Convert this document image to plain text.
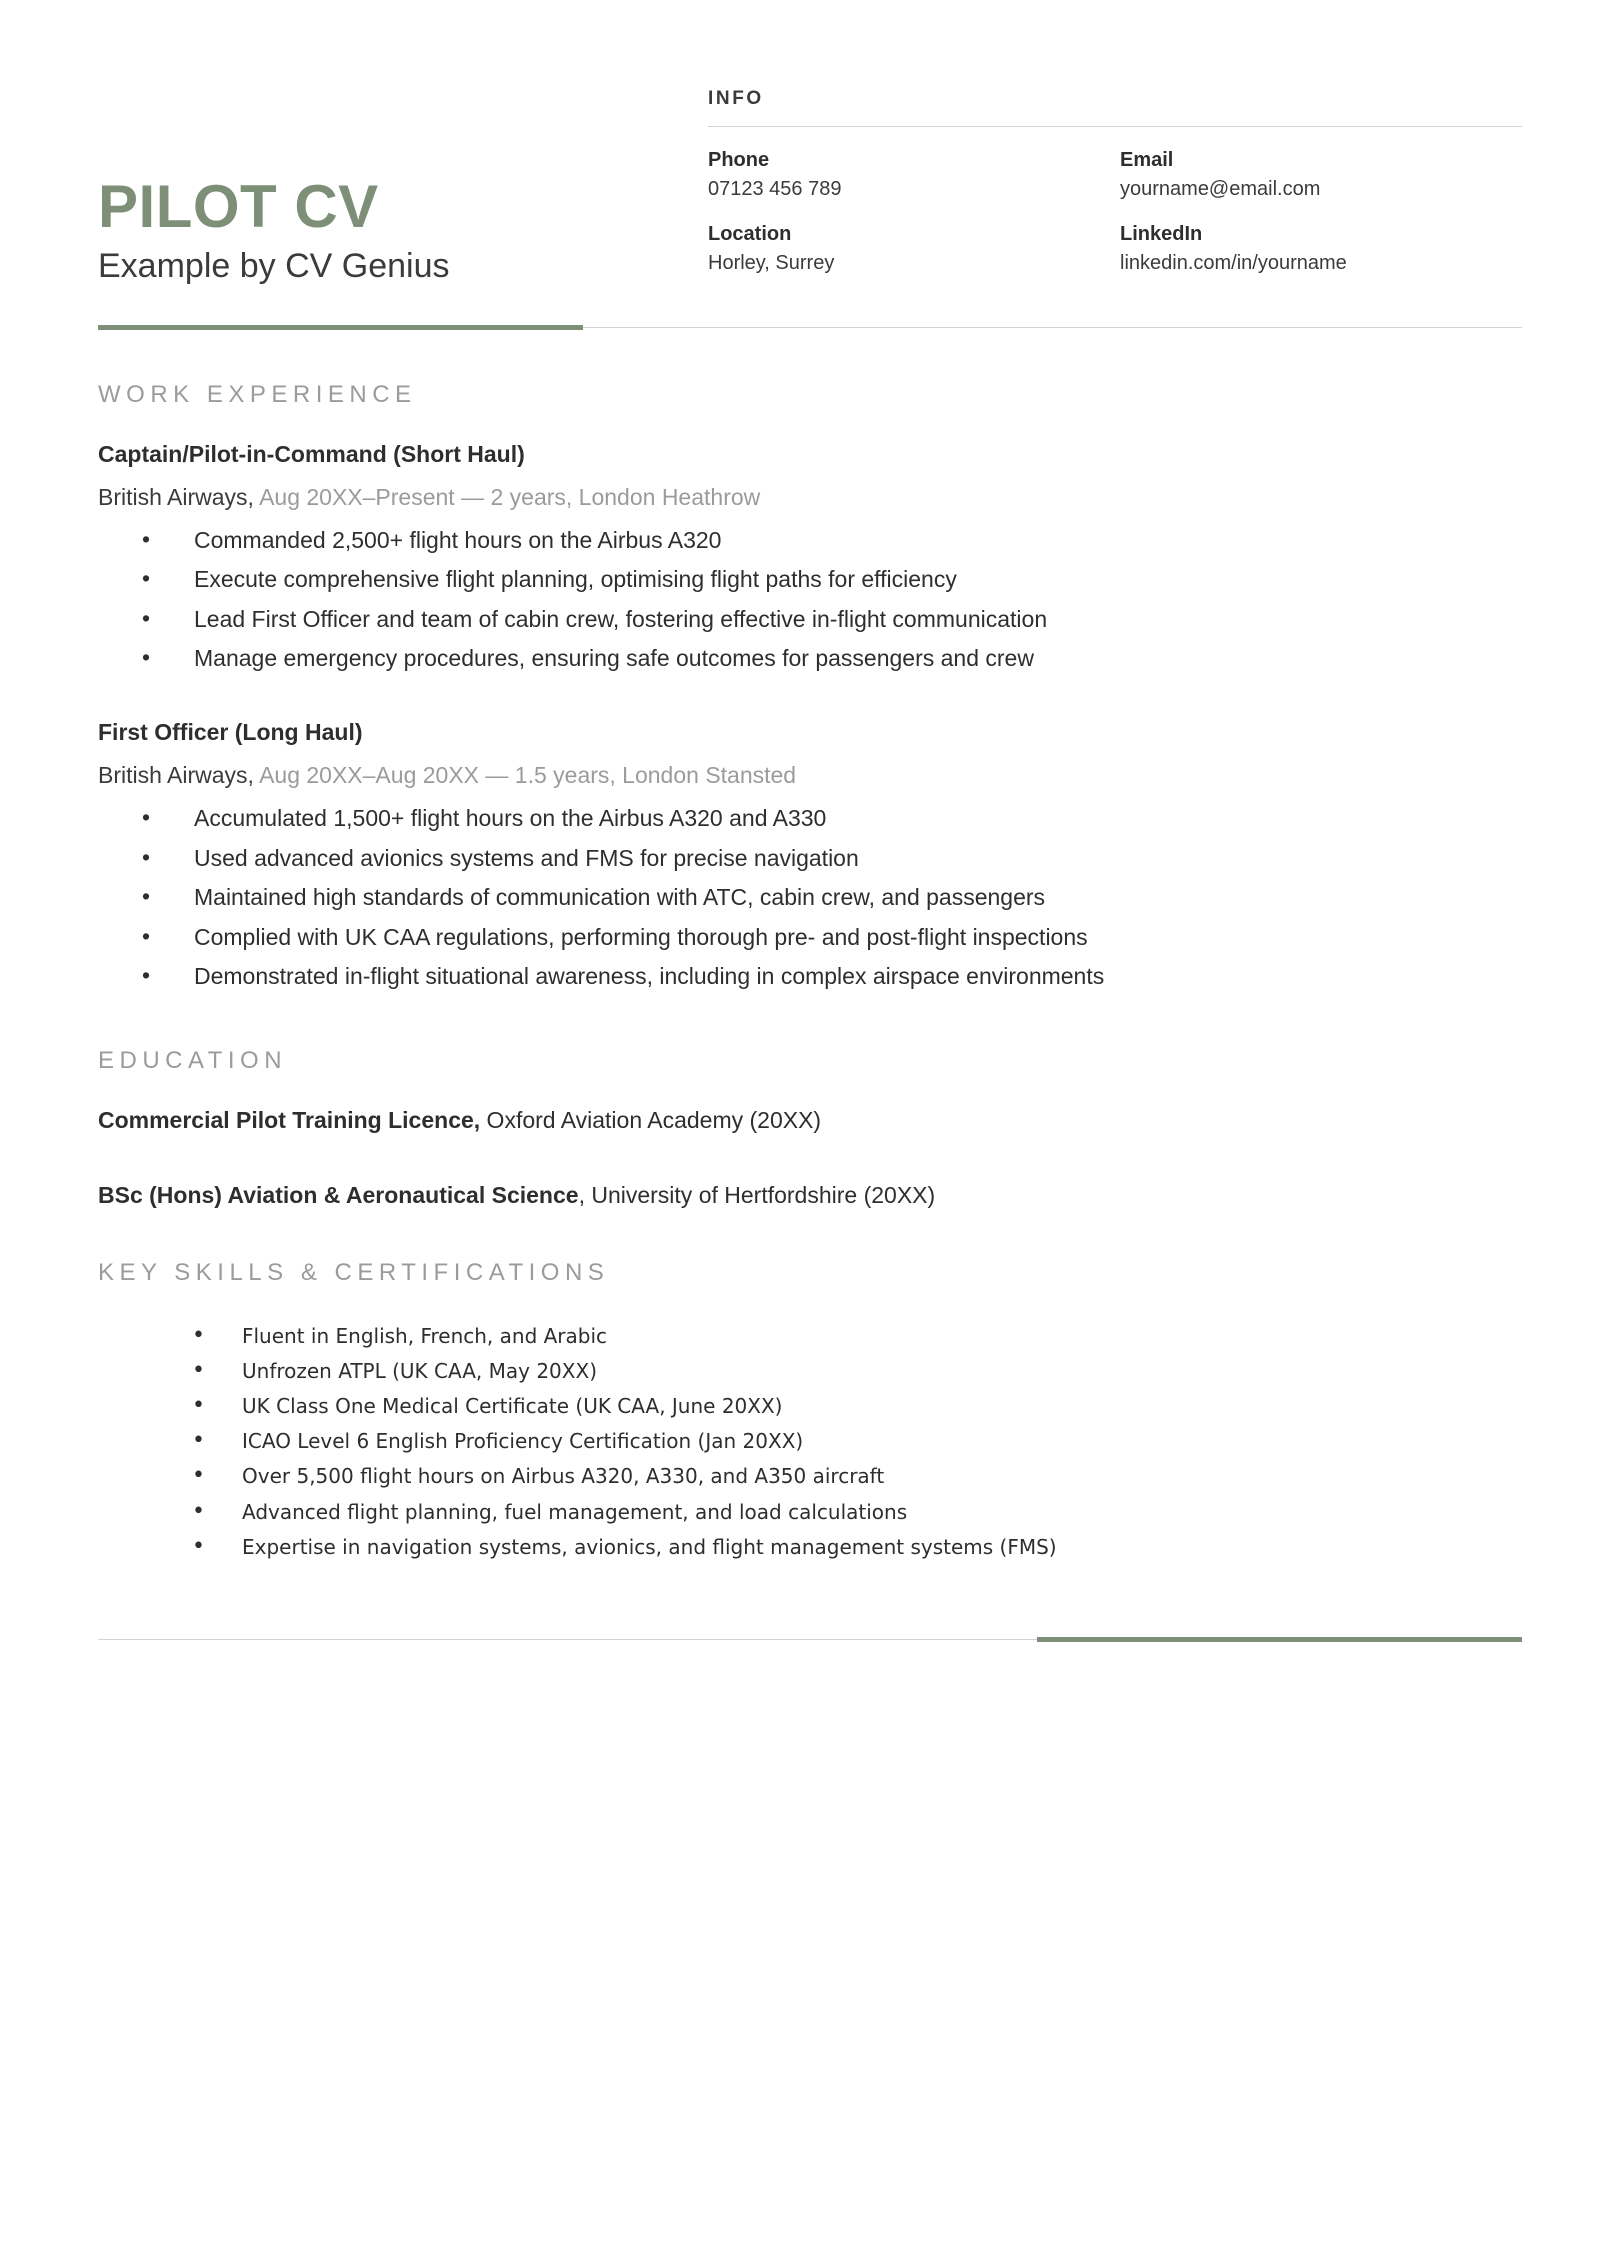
PILOT CV
Example by CV Genius
INFO
Phone
07123 456 789
Email
yourname@email.com
Location
Horley, Surrey
LinkedIn
linkedin.com/in/yourname
WORK EXPERIENCE
Captain/Pilot-in-Command (Short Haul)
British Airways, Aug 20XX–Present — 2 years, London Heathrow
• Commanded 2,500+ flight hours on the Airbus A320
• Execute comprehensive flight planning, optimising flight paths for efficiency
• Lead First Officer and team of cabin crew, fostering effective in-flight communication
• Manage emergency procedures, ensuring safe outcomes for passengers and crew
First Officer (Long Haul)
British Airways, Aug 20XX–Aug 20XX — 1.5 years, London Stansted
• Accumulated 1,500+ flight hours on the Airbus A320 and A330
• Used advanced avionics systems and FMS for precise navigation
• Maintained high standards of communication with ATC, cabin crew, and passengers
• Complied with UK CAA regulations, performing thorough pre- and post-flight inspections
• Demonstrated in-flight situational awareness, including in complex airspace environments
EDUCATION
Commercial Pilot Training Licence, Oxford Aviation Academy (20XX)
BSc (Hons) Aviation & Aeronautical Science, University of Hertfordshire (20XX)
KEY SKILLS & CERTIFICATIONS
• Fluent in English, French, and Arabic
• Unfrozen ATPL (UK CAA, May 20XX)
• UK Class One Medical Certificate (UK CAA, June 20XX)
• ICAO Level 6 English Proficiency Certification (Jan 20XX)
• Over 5,500 flight hours on Airbus A320, A330, and A350 aircraft
• Advanced flight planning, fuel management, and load calculations
• Expertise in navigation systems, avionics, and flight management systems (FMS)
